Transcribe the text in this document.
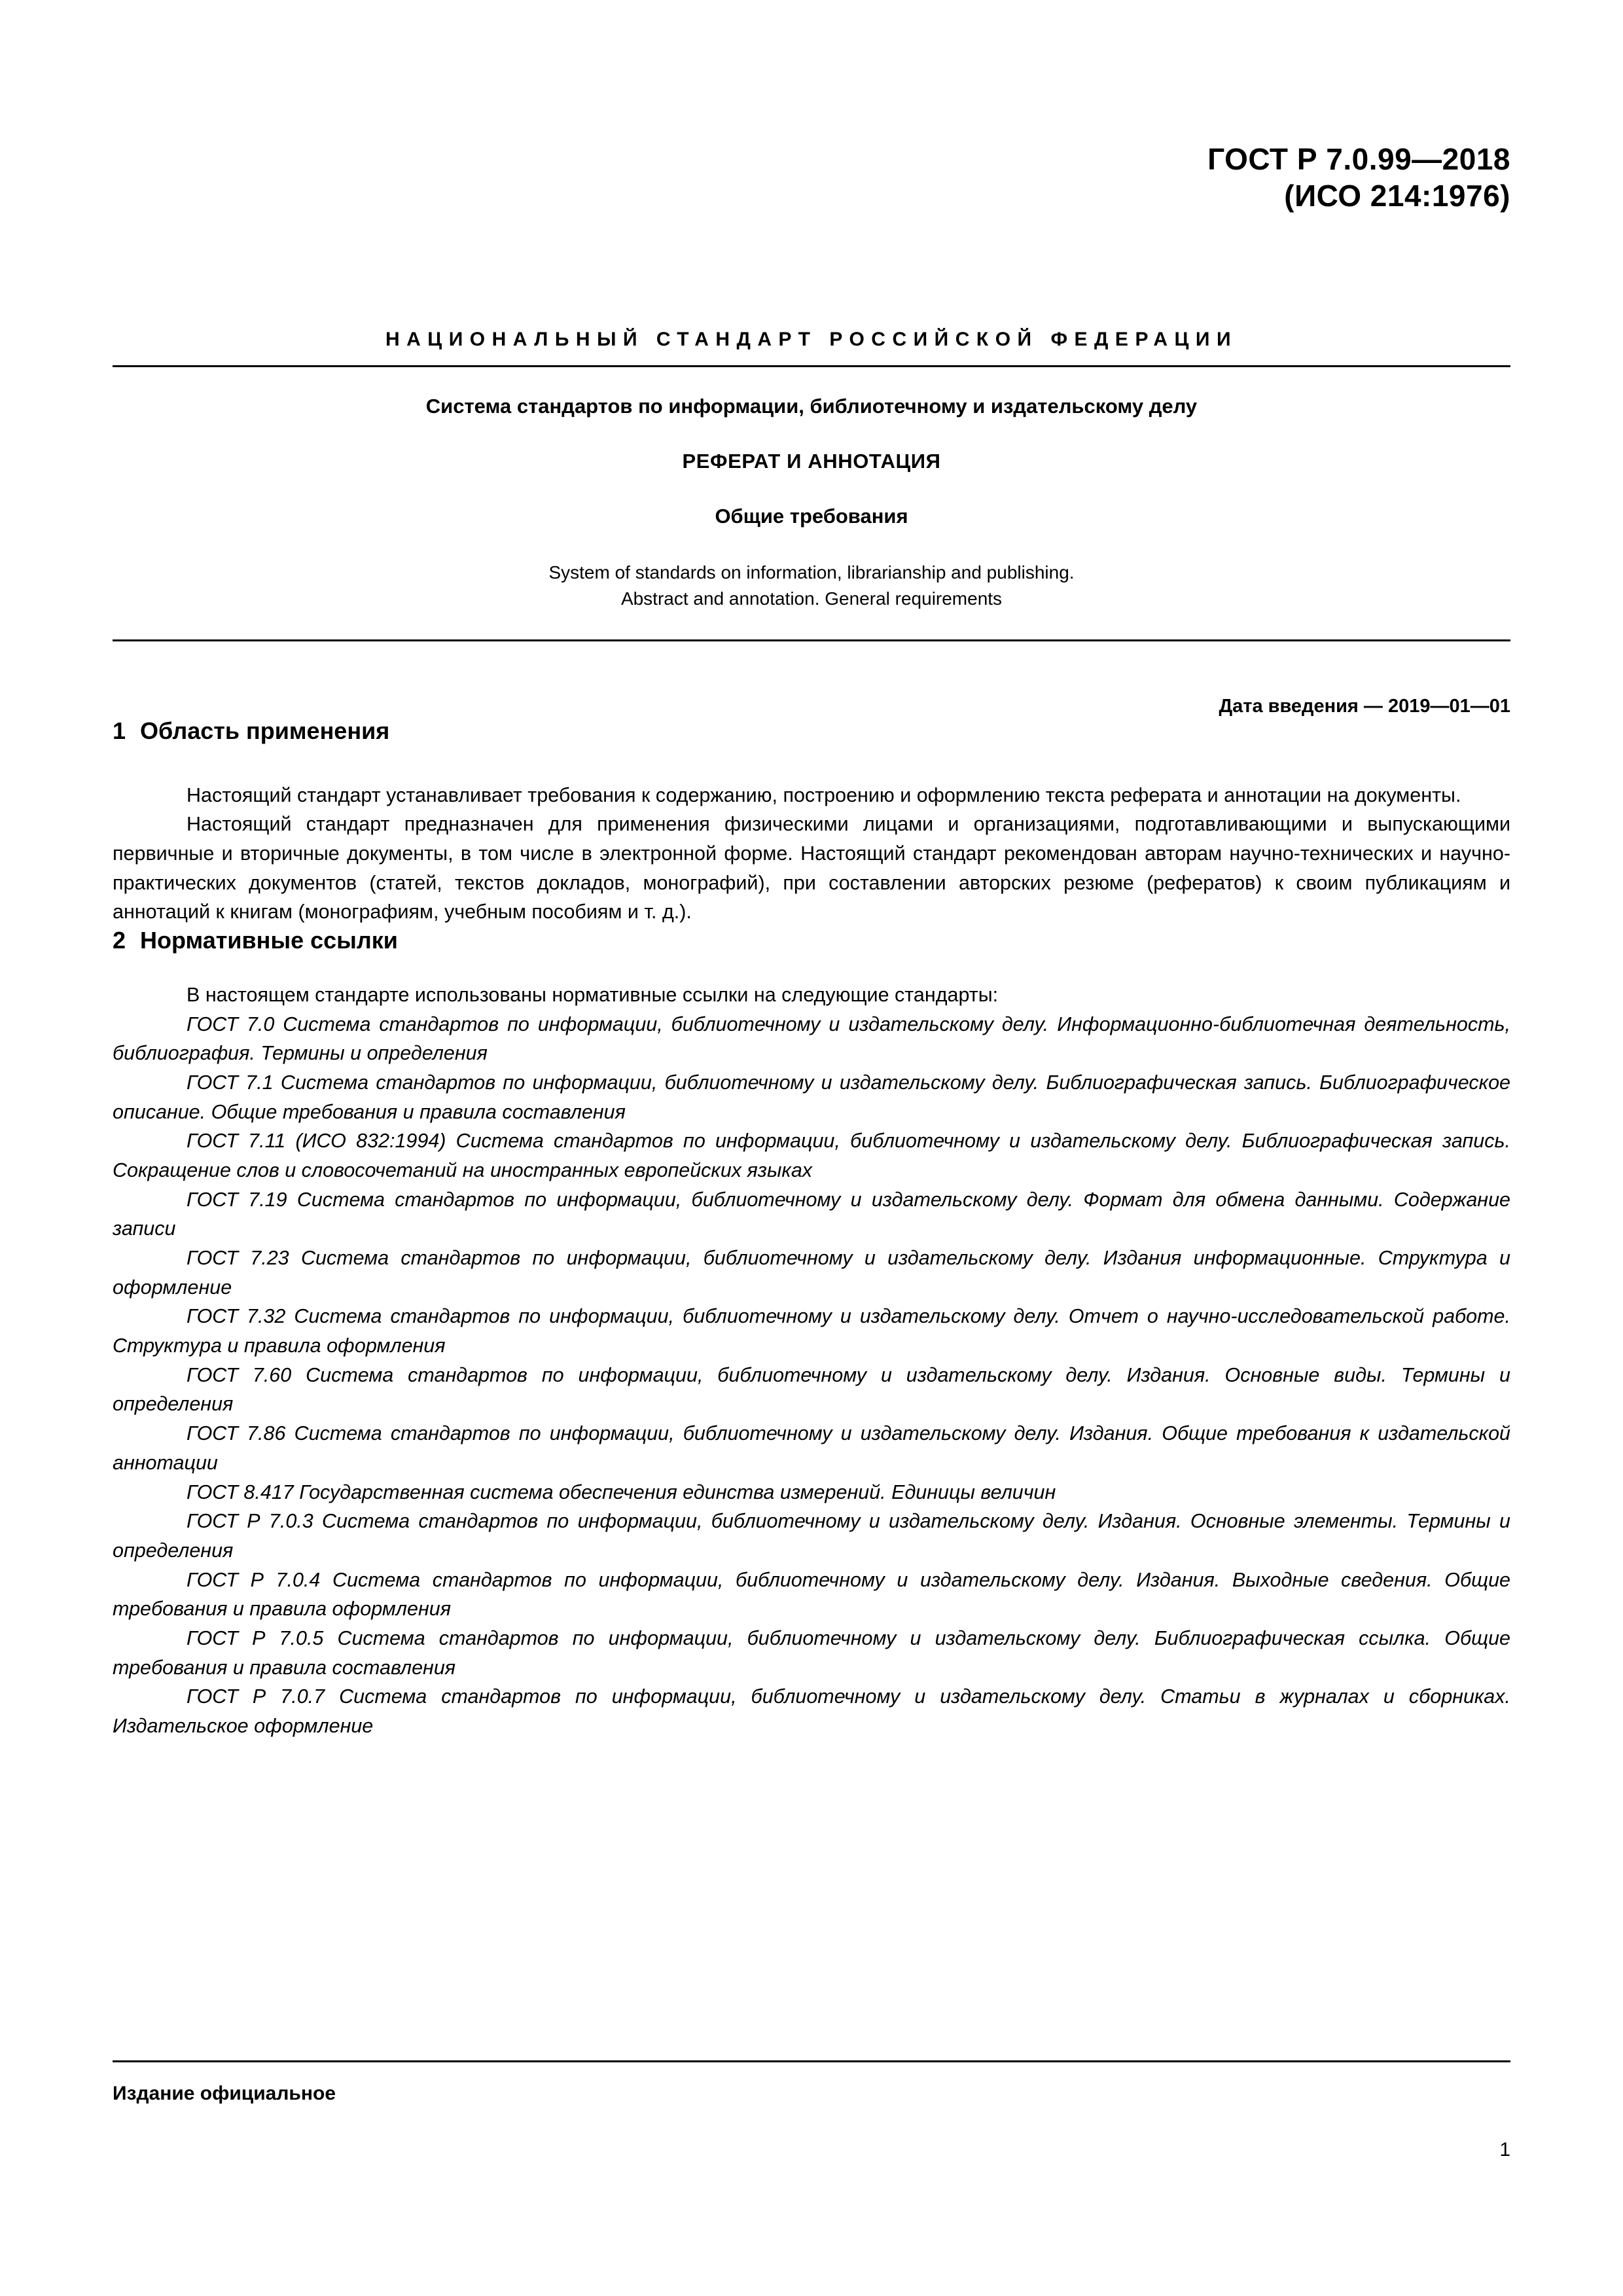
ГОСТ Р 7.0.99—2018
(ИСО 214:1976)
НАЦИОНАЛЬНЫЙ СТАНДАРТ РОССИЙСКОЙ ФЕДЕРАЦИИ
Система стандартов по информации, библиотечному и издательскому делу
РЕФЕРАТ И АННОТАЦИЯ
Общие требования
System of standards on information, librarianship and publishing.
Abstract and annotation. General requirements
Дата введения — 2019—01—01
1 Область применения

Настоящий стандарт устанавливает требования к содержанию, построению и оформлению текста реферата и аннотации на документы.

Настоящий стандарт предназначен для применения физическими лицами и организациями, подготавливающими и выпускающими первичные и вторичные документы, в том числе в электронной форме. Настоящий стандарт рекомендован авторам научно-технических и научно-практических документов (статей, текстов докладов, монографий), при составлении авторских резюме (рефератов) к своим публикациям и аннотаций к книгам (монографиям, учебным пособиям и т. д.).

2 Нормативные ссылки

В настоящем стандарте использованы нормативные ссылки на следующие стандарты:

ГОСТ 7.0 Система стандартов по информации, библиотечному и издательскому делу. Информационно-библиотечная деятельность, библиография. Термины и определения

ГОСТ 7.1 Система стандартов по информации, библиотечному и издательскому делу. Библиографическая запись. Библиографическое описание. Общие требования и правила составления

ГОСТ 7.11 (ИСО 832:1994) Система стандартов по информации, библиотечному и издательскому делу. Библиографическая запись. Сокращение слов и словосочетаний на иностранных европейских языках

ГОСТ 7.19 Система стандартов по информации, библиотечному и издательскому делу. Формат для обмена данными. Содержание записи

ГОСТ 7.23 Система стандартов по информации, библиотечному и издательскому делу. Издания информационные. Структура и оформление

ГОСТ 7.32 Система стандартов по информации, библиотечному и издательскому делу. Отчет о научно-исследовательской работе. Структура и правила оформления

ГОСТ 7.60 Система стандартов по информации, библиотечному и издательскому делу. Издания. Основные виды. Термины и определения

ГОСТ 7.86 Система стандартов по информации, библиотечному и издательскому делу. Издания. Общие требования к издательской аннотации

ГОСТ 8.417 Государственная система обеспечения единства измерений. Единицы величин

ГОСТ Р 7.0.3 Система стандартов по информации, библиотечному и издательскому делу. Издания. Основные элементы. Термины и определения

ГОСТ Р 7.0.4 Система стандартов по информации, библиотечному и издательскому делу. Издания. Выходные сведения. Общие требования и правила оформления

ГОСТ Р 7.0.5 Система стандартов по информации, библиотечному и издательскому делу. Библиографическая ссылка. Общие требования и правила составления

ГОСТ Р 7.0.7 Система стандартов по информации, библиотечному и издательскому делу. Статьи в журналах и сборниках. Издательское оформление

Издание официальное
1
